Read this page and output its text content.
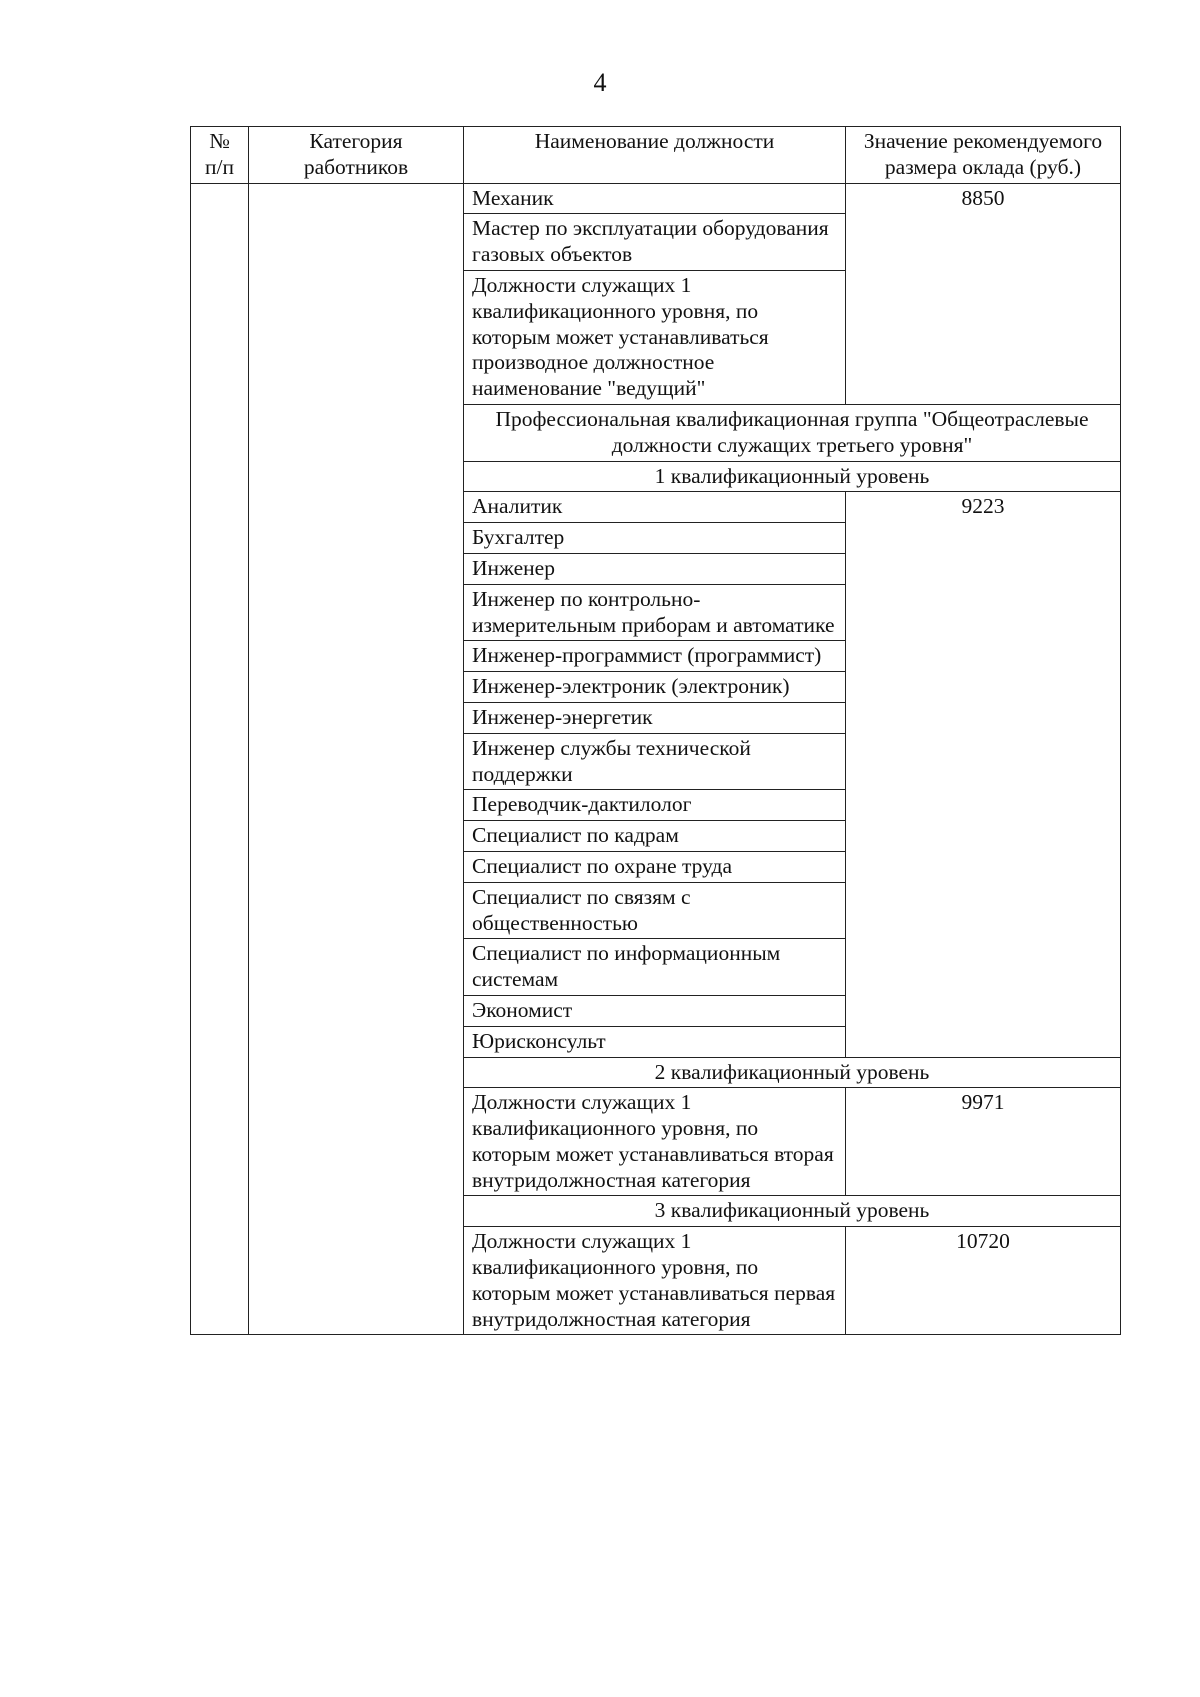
4
№ п/п	Категория работников	Наименование должности	Значение рекомендуемого размера оклада (руб.)
		Механик	8850
		Мастер по эксплуатации оборудования газовых объектов	
		Должности служащих 1 квалификационного уровня, по которым может устанавливаться производное должностное наименование "ведущий"	
		Профессиональная квалификационная группа "Общеотраслевые должности служащих третьего уровня"	
		1 квалификационный уровень	
		Аналитик	9223
		Бухгалтер	
		Инженер	
		Инженер по контрольно-измерительным приборам и автоматике	
		Инженер-программист (программист)	
		Инженер-электроник (электроник)	
		Инженер-энергетик	
		Инженер службы технической поддержки	
		Переводчик-дактилолог	
		Специалист по кадрам	
		Специалист по охране труда	
		Специалист по связям с общественностью	
		Специалист по информационным системам	
		Экономист	
		Юрисконсульт	
		2 квалификационный уровень	
		Должности служащих 1 квалификационного уровня, по которым может устанавливаться вторая внутридолжностная категория	9971
		3 квалификационный уровень	
		Должности служащих 1 квалификационного уровня, по которым может устанавливаться первая внутридолжностная категория	10720
